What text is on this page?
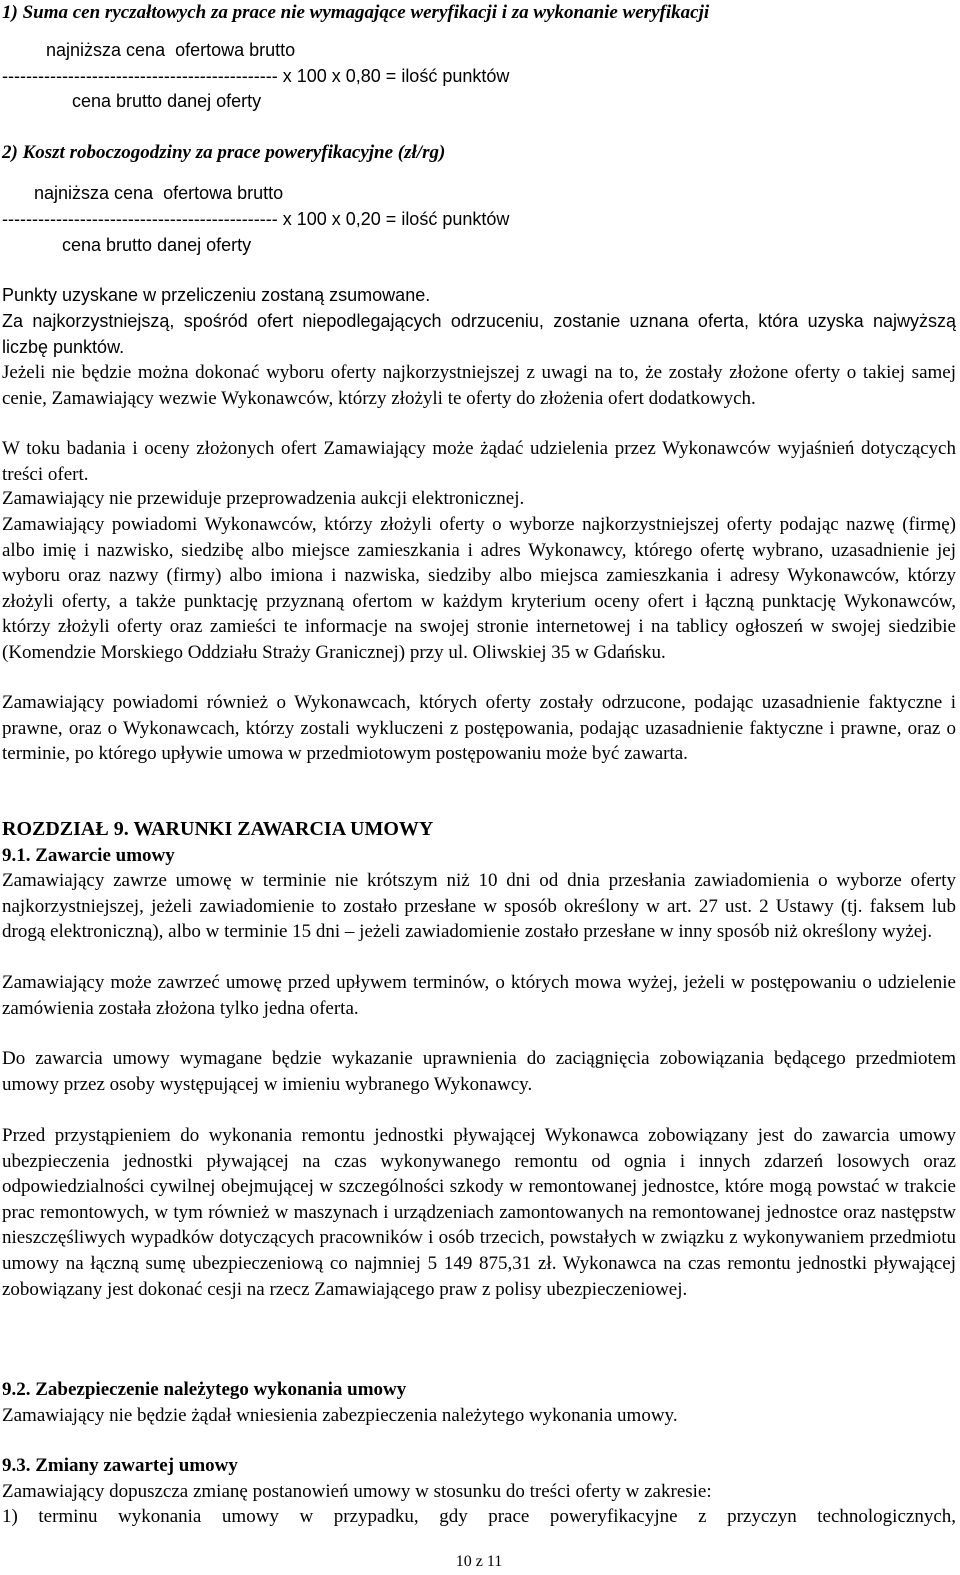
1) Suma cen ryczałtowych za prace nie wymagające weryfikacji i za wykonanie weryfikacji
najniższa cena  ofertowa brutto
---------------------------------------------- x 100 x 0,80 = ilość punktów
cena brutto danej oferty
2) Koszt roboczogodziny za prace poweryfikacyjne (zł/rg)
najniższa cena  ofertowa brutto
---------------------------------------------- x 100 x 0,20 = ilość punktów
cena brutto danej oferty
Punkty uzyskane w przeliczeniu zostaną zsumowane.
Za najkorzystniejszą, spośród ofert niepodlegających odrzuceniu, zostanie uznana oferta, która uzyska najwyższą liczbę punktów.
Jeżeli nie będzie można dokonać wyboru oferty najkorzystniejszej z uwagi na to, że zostały złożone oferty o takiej samej cenie, Zamawiający wezwie Wykonawców, którzy złożyli te oferty do złożenia ofert dodatkowych.
W toku badania i oceny złożonych ofert Zamawiający może żądać udzielenia przez Wykonawców wyjaśnień dotyczących treści ofert.
Zamawiający nie przewiduje przeprowadzenia aukcji elektronicznej.
Zamawiający powiadomi Wykonawców, którzy złożyli oferty o wyborze najkorzystniejszej oferty podając nazwę (firmę) albo imię i nazwisko, siedzibę albo miejsce zamieszkania i adres Wykonawcy, którego ofertę wybrano, uzasadnienie jej wyboru oraz nazwy (firmy) albo imiona i nazwiska, siedziby albo miejsca zamieszkania i adresy Wykonawców, którzy złożyli oferty, a także punktację przyznaną ofertom w każdym kryterium oceny ofert i łączną punktację Wykonawców, którzy złożyli oferty oraz zamieści te informacje na swojej stronie internetowej i na tablicy ogłoszeń w swojej siedzibie (Komendzie Morskiego Oddziału Straży Granicznej) przy ul. Oliwskiej 35 w Gdańsku.
Zamawiający powiadomi również o Wykonawcach, których oferty zostały odrzucone, podając uzasadnienie faktyczne i prawne, oraz o Wykonawcach, którzy zostali wykluczeni z postępowania, podając uzasadnienie faktyczne i prawne, oraz o terminie, po którego upływie umowa w przedmiotowym postępowaniu może być zawarta.
ROZDZIAŁ 9. WARUNKI ZAWARCIA UMOWY
9.1. Zawarcie umowy
Zamawiający zawrze umowę w terminie nie krótszym niż 10 dni od dnia przesłania zawiadomienia o wyborze oferty najkorzystniejszej, jeżeli zawiadomienie to zostało przesłane w sposób określony w art. 27 ust. 2 Ustawy (tj. faksem lub drogą elektroniczną), albo w terminie 15 dni – jeżeli zawiadomienie zostało przesłane w inny sposób niż określony wyżej.
Zamawiający może zawrzeć umowę przed upływem terminów, o których mowa wyżej, jeżeli w postępowaniu o udzielenie zamówienia została złożona tylko jedna oferta.
Do zawarcia umowy wymagane będzie wykazanie uprawnienia do zaciągnięcia zobowiązania będącego przedmiotem umowy przez osoby występującej w imieniu wybranego Wykonawcy.
Przed przystąpieniem do wykonania remontu jednostki pływającej Wykonawca zobowiązany jest do zawarcia umowy ubezpieczenia jednostki pływającej na czas wykonywanego remontu od ognia i innych zdarzeń losowych oraz odpowiedzialności cywilnej obejmującej w szczególności szkody w remontowanej jednostce, które mogą powstać w trakcie prac remontowych, w tym również w maszynach i urządzeniach zamontowanych na remontowanej jednostce oraz następstw nieszczęśliwych wypadków dotyczących pracowników i osób trzecich, powstałych w związku z wykonywaniem przedmiotu umowy na łączną sumę ubezpieczeniową co najmniej 5 149 875,31 zł. Wykonawca na czas remontu jednostki pływającej zobowiązany jest dokonać cesji na rzecz Zamawiającego praw z polisy ubezpieczeniowej.
9.2. Zabezpieczenie należytego wykonania umowy
Zamawiający nie będzie żądał wniesienia zabezpieczenia należytego wykonania umowy.
9.3. Zmiany zawartej umowy
Zamawiający dopuszcza zmianę postanowień umowy w stosunku do treści oferty w zakresie:
1) terminu wykonania umowy w przypadku, gdy prace poweryfikacyjne z przyczyn technologicznych,
10 z 11
